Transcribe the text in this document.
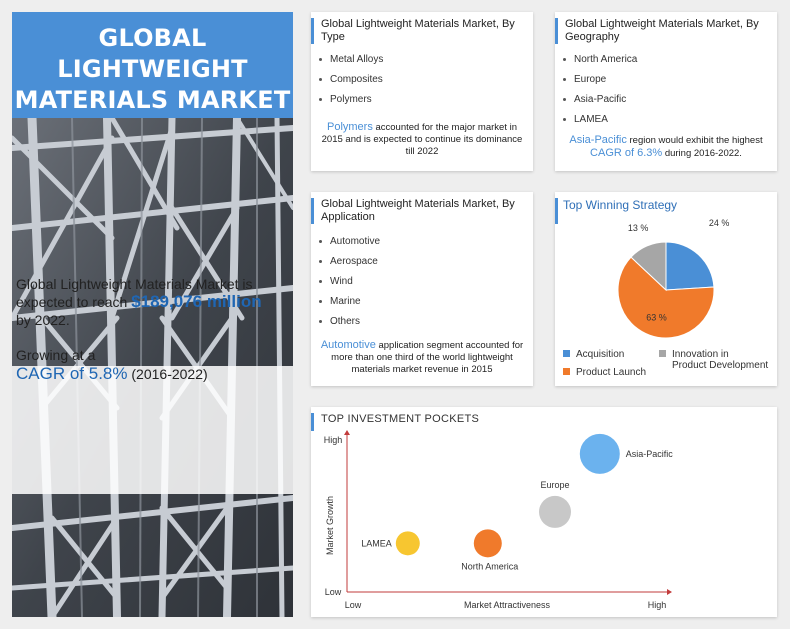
GLOBAL LIGHTWEIGHT
MATERIALS MARKET
Global Lightweight Materials Market is
expected to reach $189,076 million
by 2022.
Growing at a
CAGR of 5.8% (2016-2022)
Global Lightweight Materials Market, By Type
Metal Alloys
Composites
Polymers
Polymers accounted for the major market in 2015 and is expected to continue its dominance till 2022
Global Lightweight Materials Market, By Geography
North America
Europe
Asia-Pacific
LAMEA
Asia-Pacific region would exhibit the highest CAGR of 6.3% during 2016-2022.
Global Lightweight Materials Market, By Application
Automotive
Aerospace
Wind
Marine
Others
Automotive application segment accounted for more than one third of the world lightweight materials market revenue in 2015
Top Winning Strategy
24 %
63 %
13 %
Acquisition
Product Launch
Innovation in
Product Development
TOP INVESTMENT POCKETS
High
Low
Low	High
Market Attractiveness
Market Growth	LAMEA
North America
Europe
Asia-Pacific
